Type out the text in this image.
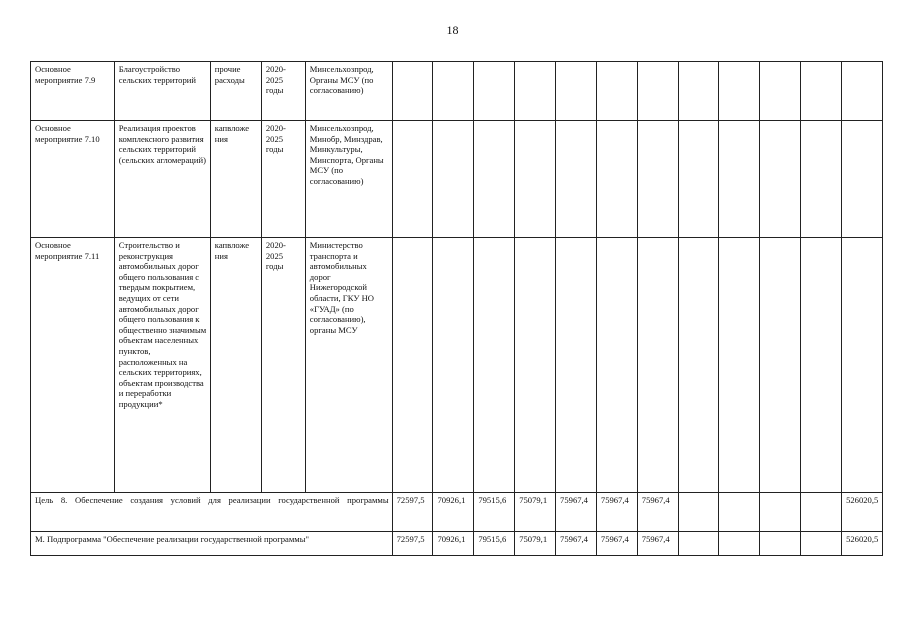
18
Основное мероприятие 7.9	Благоустройство сельских территорий	прочие расходы	2020-2025 годы	Минсельхозпрод, Органы МСУ (по согласованию)												
Основное мероприятие 7.10	Реализация проектов комплексного развития сельских территорий (сельских агломераций)	капвложе ния	2020-2025 годы	Минсельхозпрод, Минобр, Минздрав, Минкультуры, Минспорта, Органы МСУ (по согласованию)												
Основное мероприятие 7.11	Строительство и реконструкция автомобильных дорог общего пользования с твердым покрытием, ведущих от сети автомобильных дорог общего пользования к общественно значимым объектам населенных пунктов, расположенных на сельских территориях, объектам производства и переработки продукции*	капвложе ния	2020-2025 годы	Министерство транспорта и автомобильных дорог Нижегородской области, ГКУ НО «ГУАД» (по согласованию), органы МСУ												
Цель 8. Обеспечение создания условий для реализации государственной программы					72597,5	70926,1	79515,6	75079,1	75967,4	75967,4	75967,4					526020,5
М. Подпрограмма "Обеспечение реализации государственной программы"					72597,5	70926,1	79515,6	75079,1	75967,4	75967,4	75967,4					526020,5
